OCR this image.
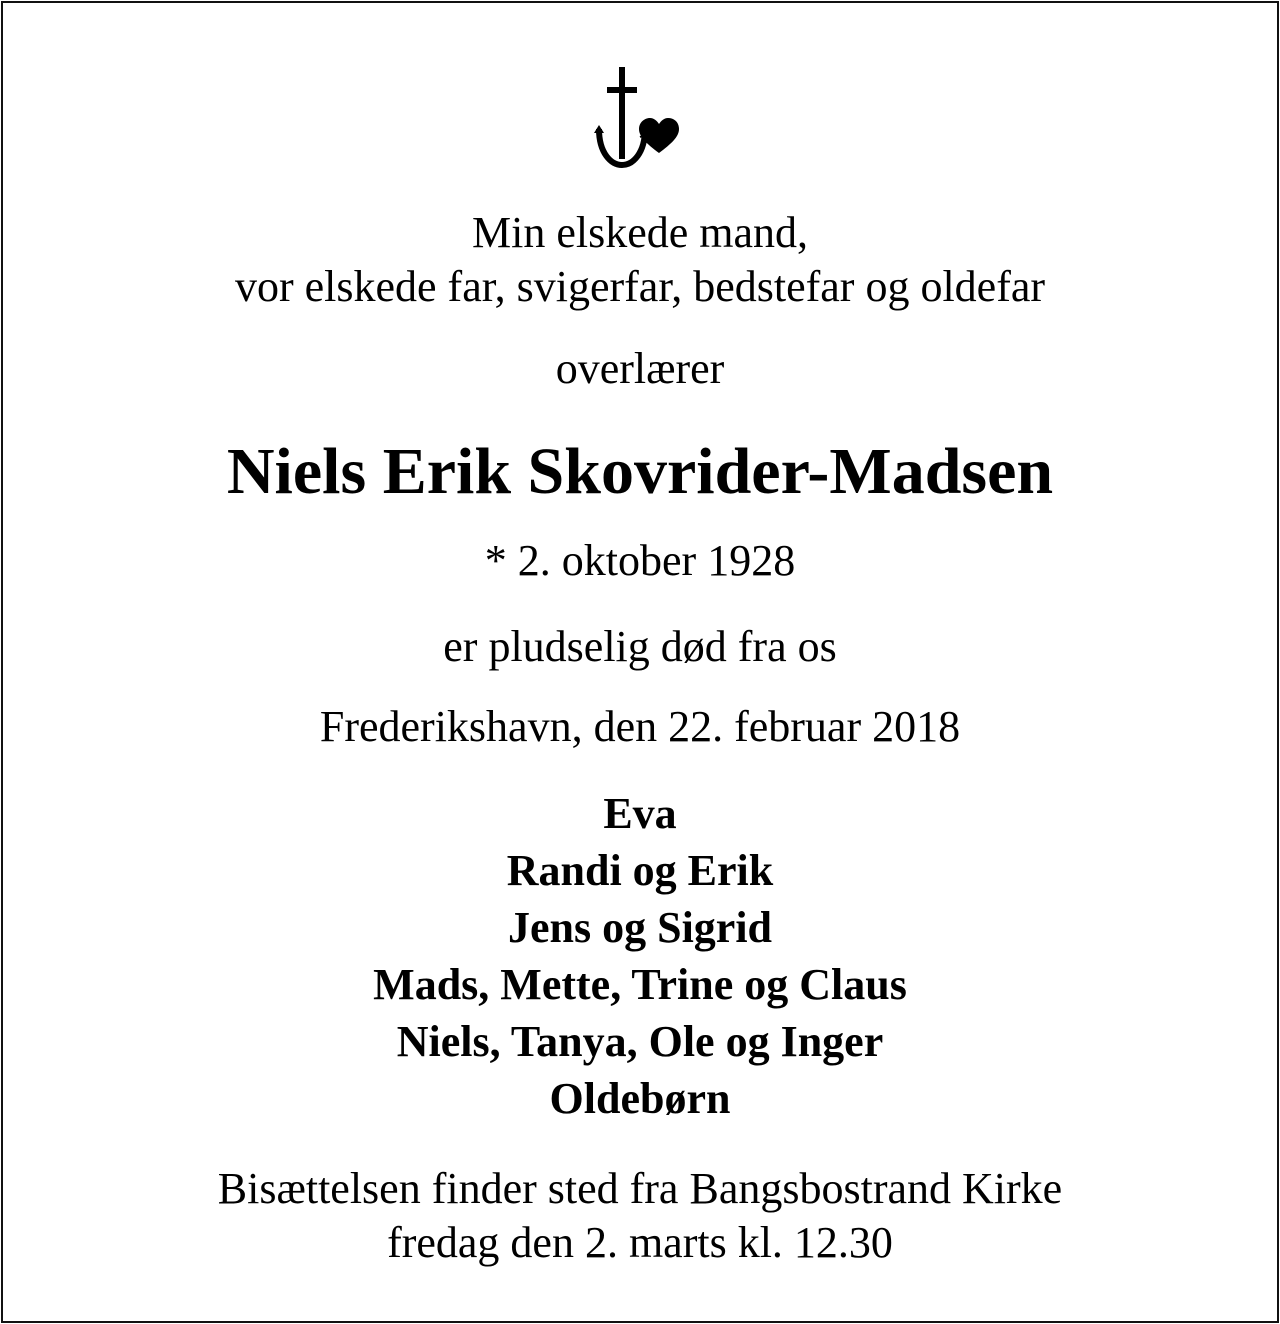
Min elskede mand,
vor elskede far, svigerfar, bedstefar og oldefar
overlærer
Niels Erik Skovrider-Madsen
* 2. oktober 1928
er pludselig død fra os
Frederikshavn, den 22. februar 2018
Eva
Randi og Erik
Jens og Sigrid
Mads, Mette, Trine og Claus
Niels, Tanya, Ole og Inger
Oldebørn
Bisættelsen finder sted fra Bangsbostrand Kirke
fredag den 2. marts kl. 12.30
